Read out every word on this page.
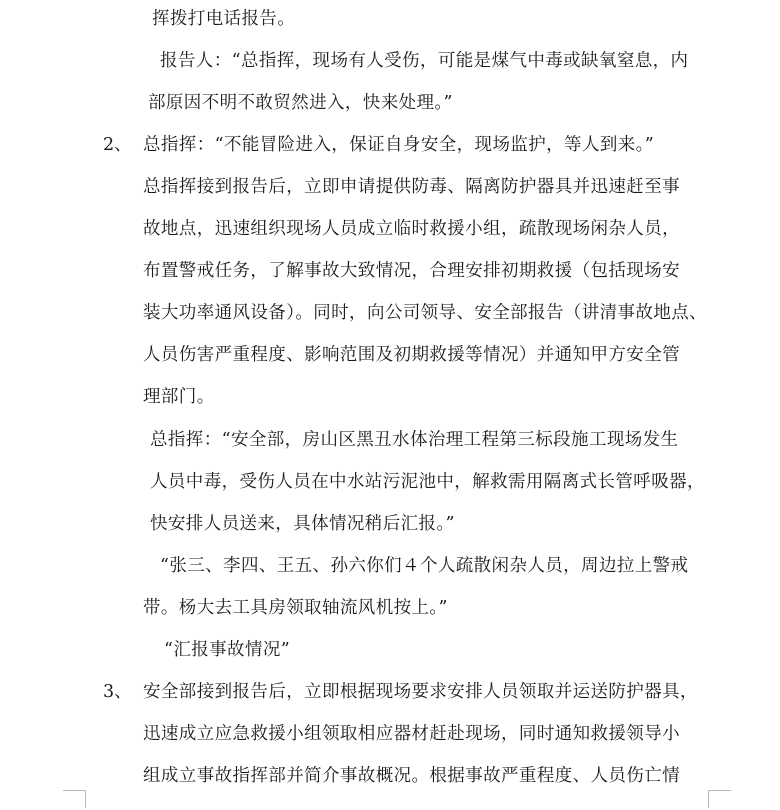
挥拨打电话报告。
报告人：“总指挥，现场有人受伤，可能是煤气中毒或缺氧窒息，内
部原因不明不敢贸然进入，快来处理。”
2、 总指挥：“不能冒险进入，保证自身安全，现场监护，等人到来。”
总指挥接到报告后，立即申请提供防毒、隔离防护器具并迅速赶至事
故地点，迅速组织现场人员成立临时救援小组，疏散现场闲杂人员，
布置警戒任务，了解事故大致情况，合理安排初期救援（包括现场安
装大功率通风设备）。同时，向公司领导、安全部报告（讲清事故地点、
人员伤害严重程度、影响范围及初期救援等情况）并通知甲方安全管
理部门。
总指挥：“安全部，房山区黑丑水体治理工程第三标段施工现场发生
人员中毒，受伤人员在中水站污泥池中，解救需用隔离式长管呼吸器，
快安排人员送来，具体情况稍后汇报。”
“张三、李四、王五、孙六你们４个人疏散闲杂人员，周边拉上警戒
带。杨大去工具房领取轴流风机按上。”
“汇报事故情况”
3、 安全部接到报告后，立即根据现场要求安排人员领取并运送防护器具，
迅速成立应急救援小组领取相应器材赶赴现场，同时通知救援领导小
组成立事故指挥部并简介事故概况。根据事故严重程度、人员伤亡情
